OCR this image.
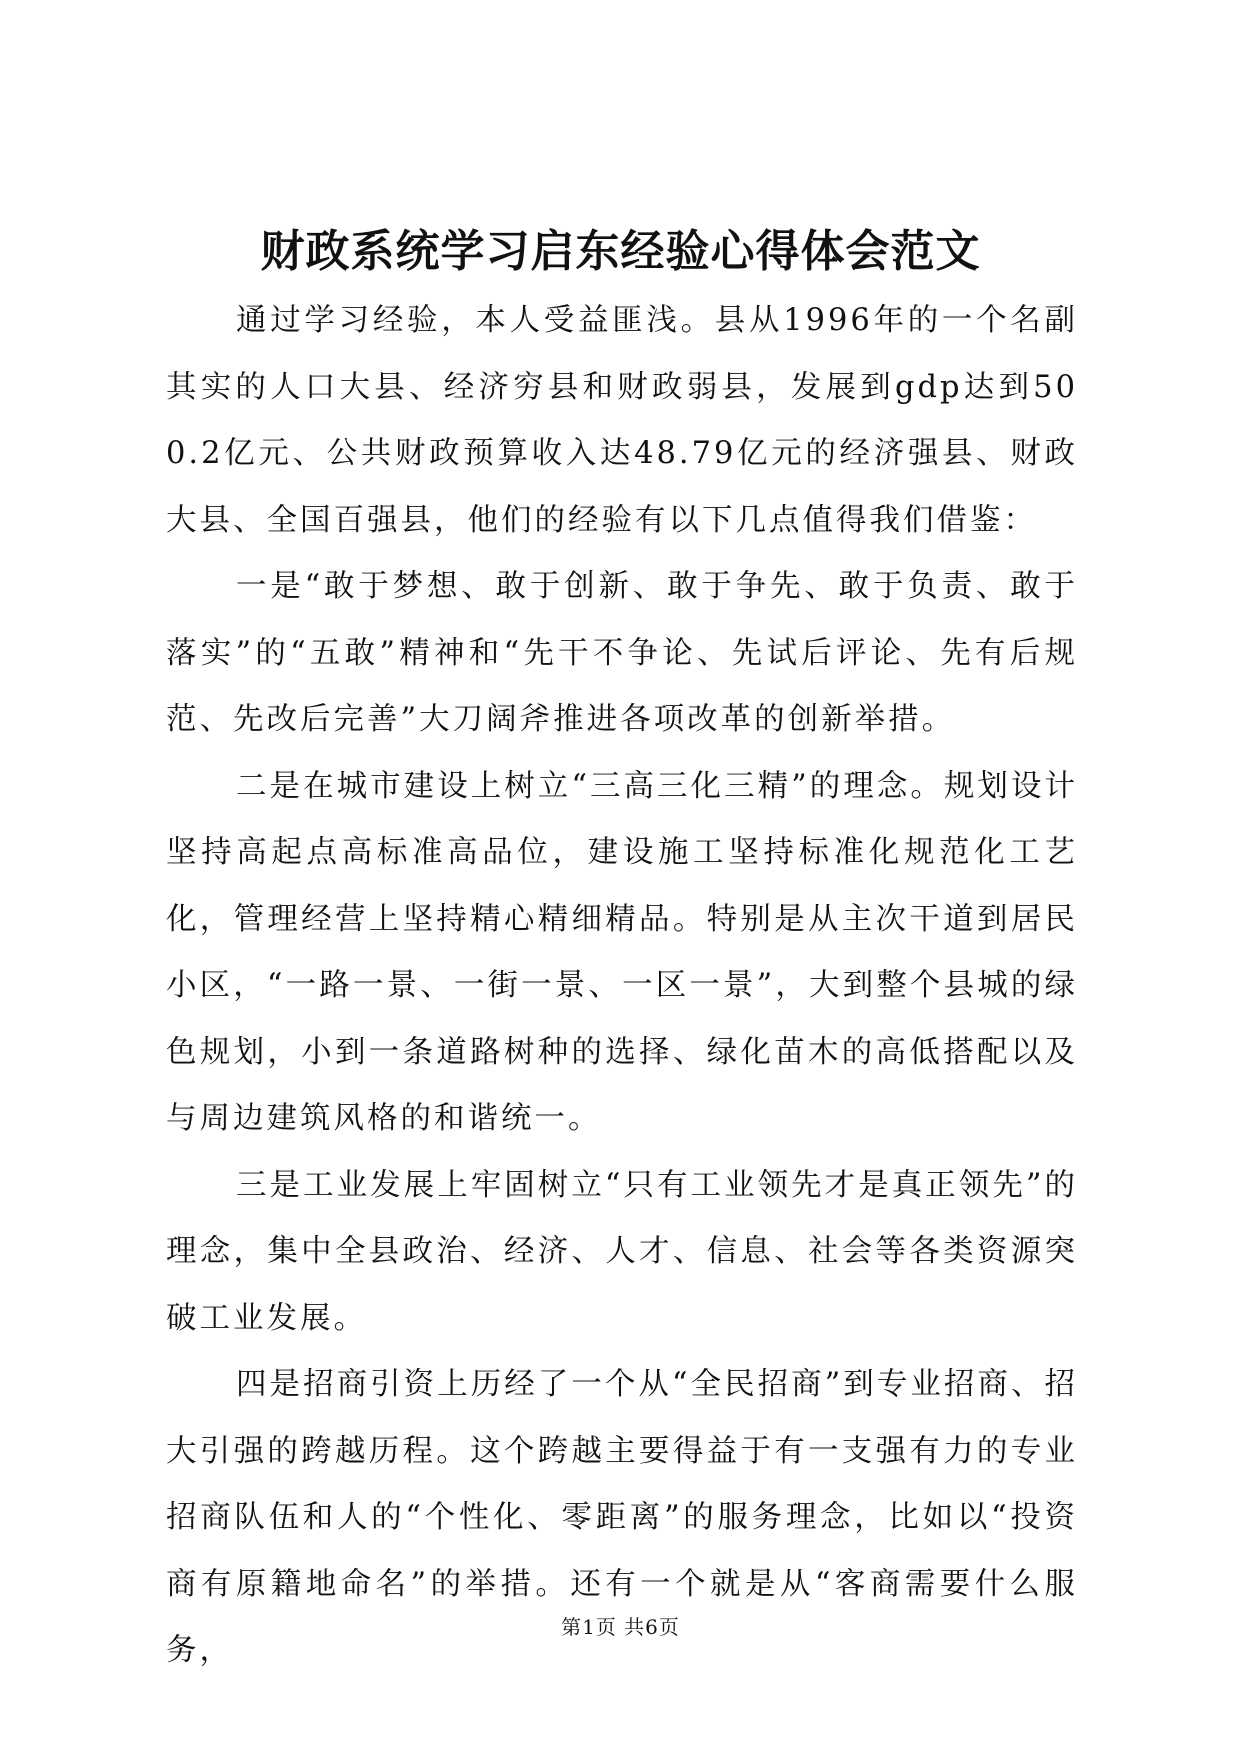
财政系统学习启东经验心得体会范文

通过学习经验，本人受益匪浅。县从1996年的一个名副其实的人口大县、经济穷县和财政弱县，发展到gdp达到500.2亿元、公共财政预算收入达48.79亿元的经济强县、财政大县、全国百强县，他们的经验有以下几点值得我们借鉴：

一是“敢于梦想、敢于创新、敢于争先、敢于负责、敢于落实”的“五敢”精神和“先干不争论、先试后评论、先有后规范、先改后完善”大刀阔斧推进各项改革的创新举措。

二是在城市建设上树立“三高三化三精”的理念。规划设计坚持高起点高标准高品位，建设施工坚持标准化规范化工艺化，管理经营上坚持精心精细精品。特别是从主次干道到居民小区，“一路一景、一街一景、一区一景”，大到整个县城的绿色规划，小到一条道路树种的选择、绿化苗木的高低搭配以及与周边建筑风格的和谐统一。

三是工业发展上牢固树立“只有工业领先才是真正领先”的理念，集中全县政治、经济、人才、信息、社会等各类资源突破工业发展。

四是招商引资上历经了一个从“全民招商”到专业招商、招大引强的跨越历程。这个跨越主要得益于有一支强有力的专业招商队伍和人的“个性化、零距离”的服务理念，比如以“投资商有原籍地命名”的举措。还有一个就是从“客商需要什么服务，

第1页 共6页
